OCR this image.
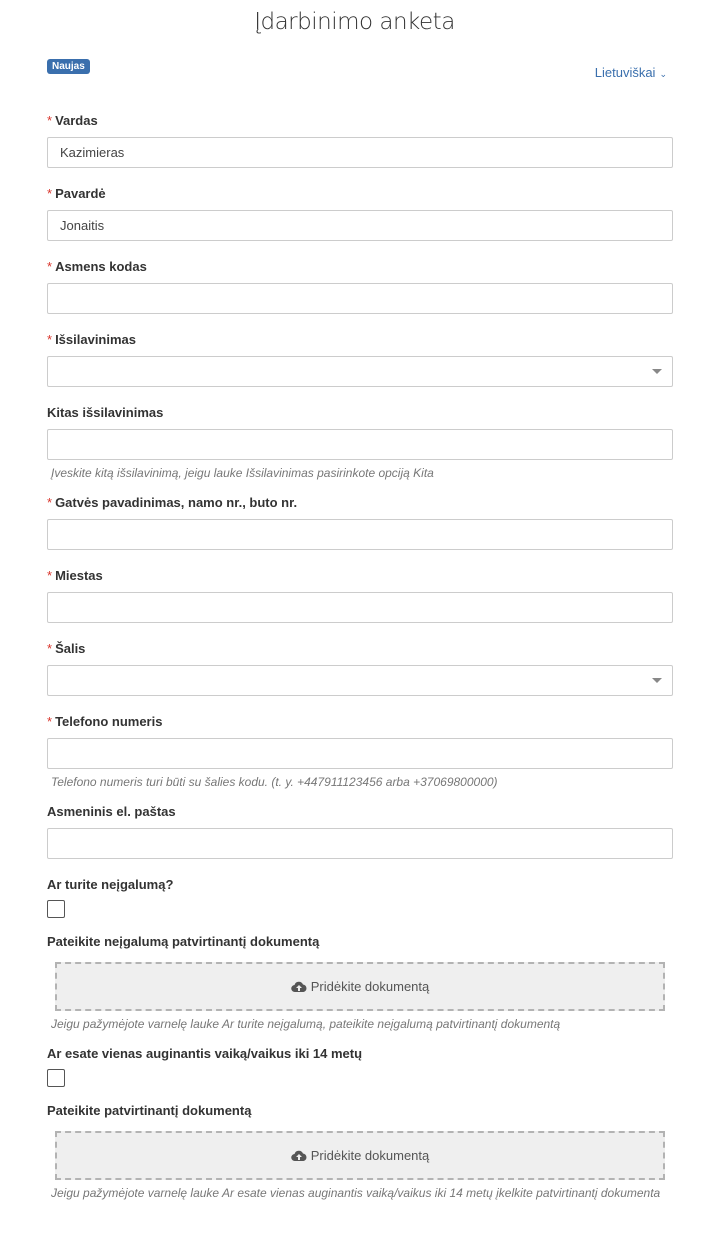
Įdarbinimo anketa
Naujas	Lietuviškai ⌄
* Vardas
Kazimieras
* Pavardė
Jonaitis
* Asmens kodas
* Išsilavinimas
Kitas išsilavinimas
Įveskite kitą išsilavinimą, jeigu lauke Išsilavinimas pasirinkote opciją Kita
* Gatvės pavadinimas, namo nr., buto nr.
* Miestas
* Šalis
* Telefono numeris
Telefono numeris turi būti su šalies kodu. (t. y. +447911123456 arba +37069800000)
Asmeninis el. paštas
Ar turite neįgalumą?
Pateikite neįgalumą patvirtinantį dokumentą
Pridėkite dokumentą
Jeigu pažymėjote varnelę lauke Ar turite neįgalumą, pateikite neįgalumą patvirtinantį dokumentą
Ar esate vienas auginantis vaiką/vaikus iki 14 metų
Pateikite patvirtinantį dokumentą
Pridėkite dokumentą
Jeigu pažymėjote varnelę lauke Ar esate vienas auginantis vaiką/vaikus iki 14 metų įkelkite patvirtinantį dokumenta
